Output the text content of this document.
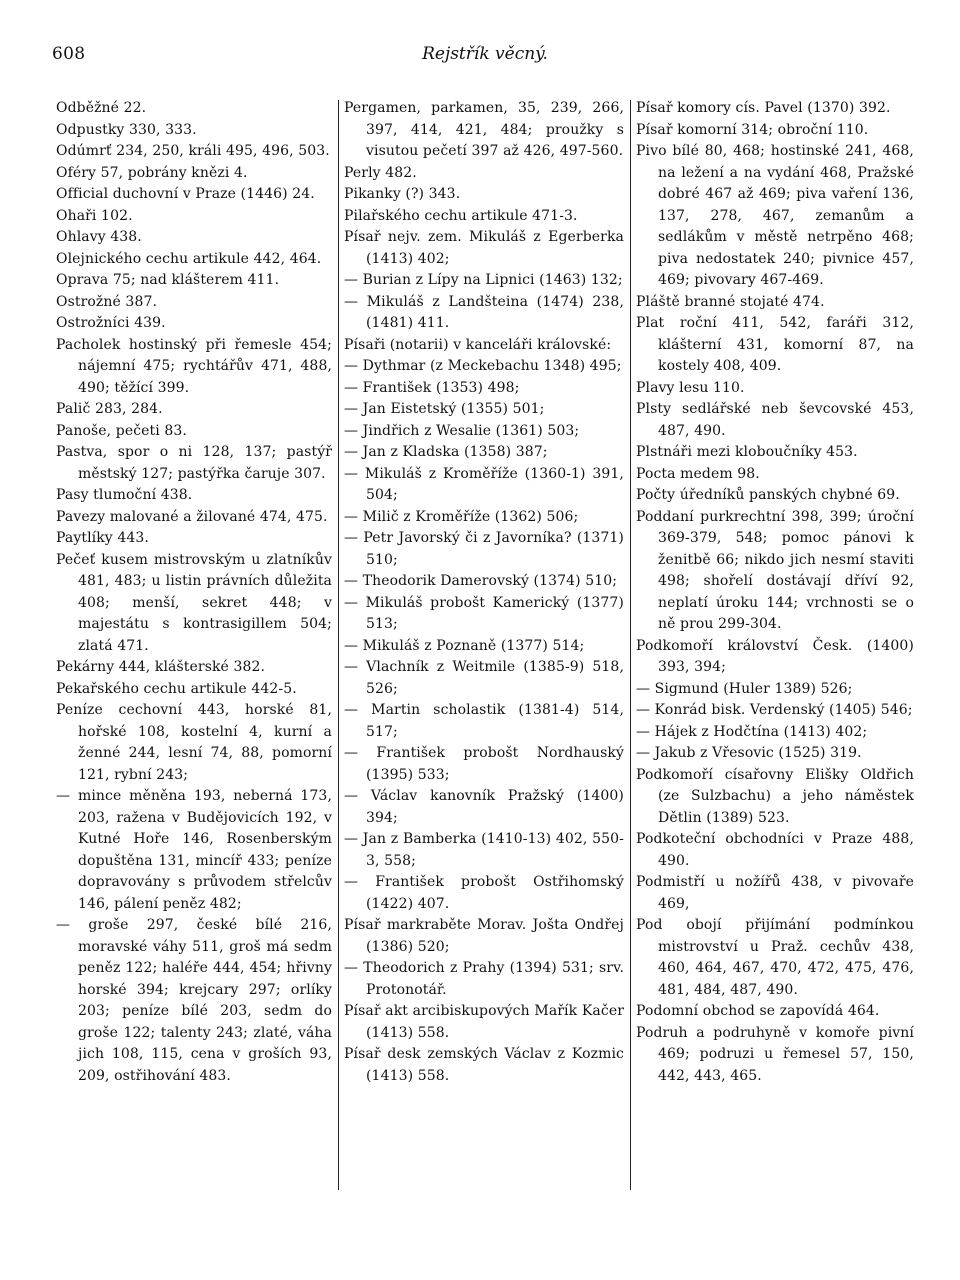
608	Rejstřík věcný.

Odběžné 22.

Odpustky 330, 333.

Odúmrť 234, 250, králi 495, 496, 503.

Oféry 57, pobrány knězi 4.

Official duchovní v Praze (1446) 24.

Ohaři 102.

Ohlavy 438.

Olejnického cechu artikule 442, 464.

Oprava 75; nad klášterem 411.

Ostrožné 387.

Ostrožníci 439.

Pacholek hostinský při řemesle 454; nájemní 475; rychtářův 471, 488, 490; těžící 399.

Palič 283, 284.

Panoše, pečeti 83.

Pastva, spor o ni 128, 137; pastýř městský 127; pastýřka čaruje 307.

Pasy tlumoční 438.

Pavezy malované a žilované 474, 475.

Paytlíky 443.

Pečeť kusem mistrovským u zlatníkův 481, 483; u listin právních důležita 408; menší, sekret 448; v majestátu s kontrasigillem 504; zlatá 471.

Pekárny 444, klášterské 382.

Pekařského cechu artikule 442-5.

Peníze cechovní 443, horské 81, hořské 108, kostelní 4, kurní a ženné 244, lesní 74, 88, pomorní 121, rybní 243;

— mince měněna 193, neberná 173, 203, ražena v Budějovicích 192, v Kutné Hoře 146, Rosenberským dopuštěna 131, mincíř 433; peníze dopravovány s průvodem střelcův 146, pálení peněz 482;

— groše 297, české bílé 216, moravské váhy 511, groš má sedm peněz 122; haléře 444, 454; hřivny horské 394; krejcary 297; orlíky 203; peníze bílé 203, sedm do groše 122; talenty 243; zlaté, váha jich 108, 115, cena v groších 93, 209, ostřihování 483.

Pergamen, parkamen, 35, 239, 266, 397, 414, 421, 484; proužky s visutou pečetí 397 až 426, 497-560.

Perly 482.

Pikanky (?) 343.

Pilařského cechu artikule 471-3.

Písař nejv. zem. Mikuláš z Egerberka (1413) 402;

— Burian z Lípy na Lipnici (1463) 132;

— Mikuláš z Landšteina (1474) 238, (1481) 411.

Písaři (notarii) v kanceláři královské:

— Dythmar (z Meckebachu 1348) 495;

— František (1353) 498;

— Jan Eistetský (1355) 501;

— Jindřich z Wesalie (1361) 503;

— Jan z Kladska (1358) 387;

— Mikuláš z Kroměříže (1360-1) 391, 504;

— Milič z Kroměříže (1362) 506;

— Petr Javorský či z Javorníka? (1371) 510;

— Theodorik Damerovský (1374) 510;

— Mikuláš probošt Kamerický (1377) 513;

— Mikuláš z Poznaně (1377) 514;

— Vlachník z Weitmile (1385-9) 518, 526;

— Martin scholastik (1381-4) 514, 517;

— František probošt Nordhauský (1395) 533;

— Václav kanovník Pražský (1400) 394;

— Jan z Bamberka (1410-13) 402, 550-3, 558;

— František probošt Ostřihomský (1422) 407.

Písař markraběte Morav. Jošta Ondřej (1386) 520;

— Theodorich z Prahy (1394) 531; srv. Protonotář.

Písař akt arcibiskupových Mařík Kačer (1413) 558.

Písař desk zemských Václav z Kozmic (1413) 558.

Písař komory cís. Pavel (1370) 392.

Písař komorní 314; obroční 110.

Pivo bílé 80, 468; hostinské 241, 468, na ležení a na vydání 468, Pražské dobré 467 až 469; piva vaření 136, 137, 278, 467, zemanům a sedlákům v městě netrpěno 468; piva nedostatek 240; pivnice 457, 469; pivovary 467-469.

Pláště branné stojaté 474.

Plat roční 411, 542, faráři 312, klášterní 431, komorní 87, na kostely 408, 409.

Plavy lesu 110.

Plsty sedlářské neb ševcovské 453, 487, 490.

Plstnáři mezi kloboučníky 453.

Pocta medem 98.

Počty úředníků panských chybné 69.

Poddaní purkrechtní 398, 399; úroční 369-379, 548; pomoc pánovi k ženitbě 66; nikdo jich nesmí staviti 498; shořelí dostávají dříví 92, neplatí úroku 144; vrchnosti se o ně prou 299-304.

Podkomoří království Česk. (1400) 393, 394;

— Sigmund (Huler 1389) 526;

— Konrád bisk. Verdenský (1405) 546;

— Hájek z Hodčtína (1413) 402;

— Jakub z Vřesovic (1525) 319.

Podkomoří císařovny Elišky Oldřich (ze Sulzbachu) a jeho náměstek Dětlin (1389) 523.

Podkoteční obchodníci v Praze 488, 490.

Podmistří u nožířů 438, v pivovaře 469,

Pod obojí přijímání podmínkou mistrovství u Praž. cechův 438, 460, 464, 467, 470, 472, 475, 476, 481, 484, 487, 490.

Podomní obchod se zapovídá 464.

Podruh a podruhyně v komoře pivní 469; podruzi u řemesel 57, 150, 442, 443, 465.
